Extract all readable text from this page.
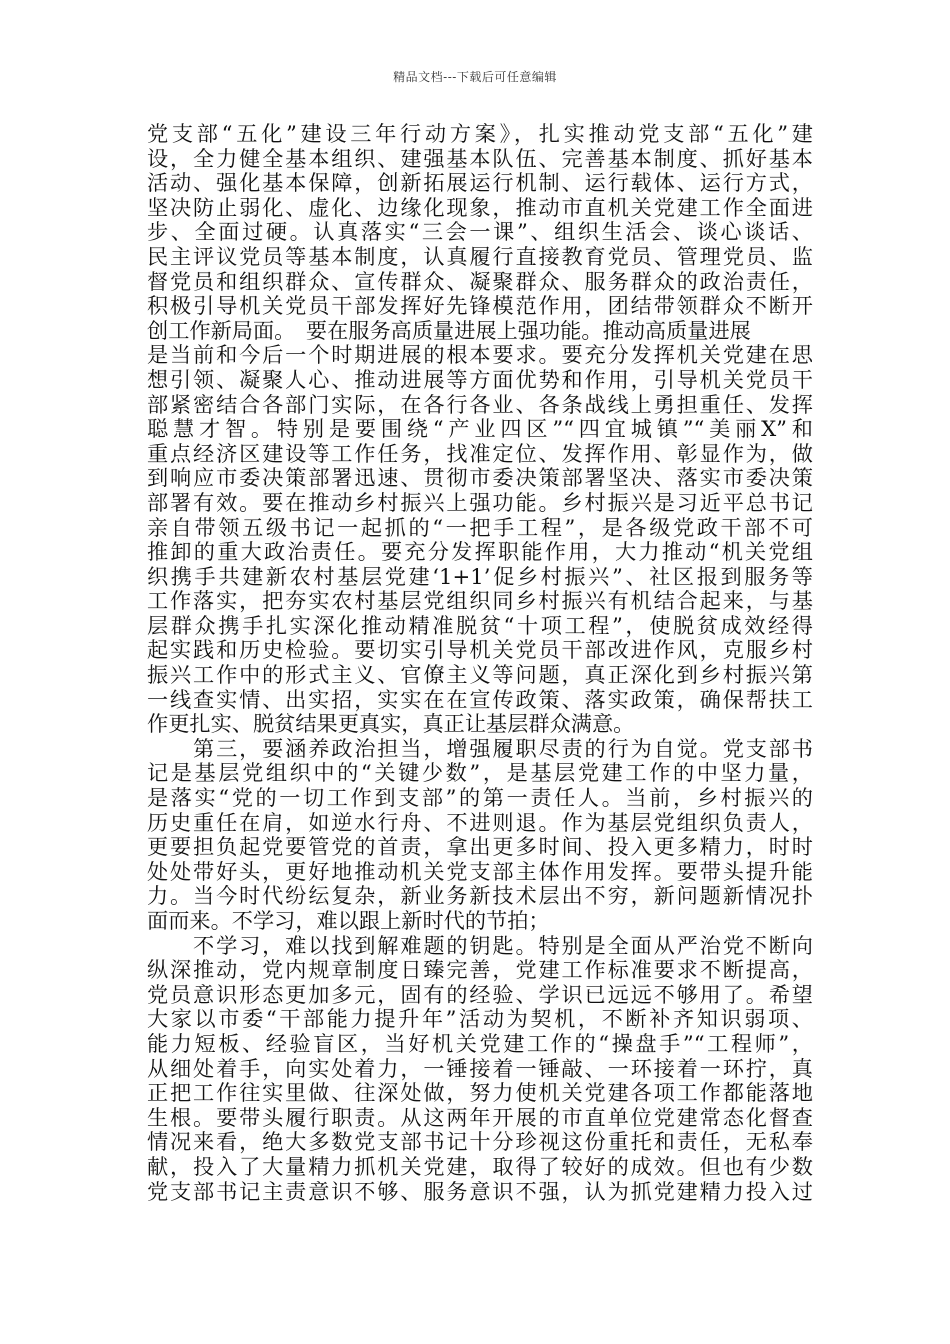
精品文档---下载后可任意编辑
党支部“五化”建设三年行动方案》，扎实推动党支部“五化”建
设，全力健全基本组织、建强基本队伍、完善基本制度、抓好基本
活动、强化基本保障，创新拓展运行机制、运行载体、运行方式，
坚决防止弱化、虚化、边缘化现象，推动市直机关党建工作全面进
步、全面过硬。认真落实“三会一课”、组织生活会、谈心谈话、
民主评议党员等基本制度，认真履行直接教育党员、管理党员、监
督党员和组织群众、宣传群众、凝聚群众、服务群众的政治责任，
积极引导机关党员干部发挥好先锋模范作用，团结带领群众不断开
创工作新局面。　要在服务高质量进展上强功能。推动高质量进展
是当前和今后一个时期进展的根本要求。要充分发挥机关党建在思
想引领、凝聚人心、推动进展等方面优势和作用，引导机关党员干
部紧密结合各部门实际，在各行各业、各条战线上勇担重任、发挥
聪慧才智。特别是要围绕“产业四区”“四宜城镇”“美丽X”和
重点经济区建设等工作任务，找准定位、发挥作用、彰显作为，做
到响应市委决策部署迅速、贯彻市委决策部署坚决、落实市委决策
部署有效。要在推动乡村振兴上强功能。乡村振兴是习近平总书记
亲自带领五级书记一起抓的“一把手工程”，是各级党政干部不可
推卸的重大政治责任。要充分发挥职能作用，大力推动“机关党组
织携手共建新农村基层党建‘1+1’促乡村振兴”、社区报到服务等
工作落实，把夯实农村基层党组织同乡村振兴有机结合起来，与基
层群众携手扎实深化推动精准脱贫“十项工程”，使脱贫成效经得
起实践和历史检验。要切实引导机关党员干部改进作风，克服乡村
振兴工作中的形式主义、官僚主义等问题，真正深化到乡村振兴第
一线查实情、出实招，实实在在宣传政策、落实政策，确保帮扶工
作更扎实、脱贫结果更真实，真正让基层群众满意。
　　第三，要涵养政治担当，增强履职尽责的行为自觉。党支部书
记是基层党组织中的“关键少数”，是基层党建工作的中坚力量，
是落实“党的一切工作到支部”的第一责任人。当前，乡村振兴的
历史重任在肩，如逆水行舟、不进则退。作为基层党组织负责人，
更要担负起党要管党的首责，拿出更多时间、投入更多精力，时时
处处带好头，更好地推动机关党支部主体作用发挥。要带头提升能
力。当今时代纷纭复杂，新业务新技术层出不穷，新问题新情况扑
面而来。不学习，难以跟上新时代的节拍；
　　不学习，难以找到解难题的钥匙。特别是全面从严治党不断向
纵深推动，党内规章制度日臻完善，党建工作标准要求不断提高，
党员意识形态更加多元，固有的经验、学识已远远不够用了。希望
大家以市委“干部能力提升年”活动为契机，不断补齐知识弱项、
能力短板、经验盲区，当好机关党建工作的“操盘手”“工程师”，
从细处着手，向实处着力，一锤接着一锤敲、一环接着一环拧，真
正把工作往实里做、往深处做，努力使机关党建各项工作都能落地
生根。要带头履行职责。从这两年开展的市直单位党建常态化督查
情况来看，绝大多数党支部书记十分珍视这份重托和责任，无私奉
献，投入了大量精力抓机关党建，取得了较好的成效。但也有少数
党支部书记主责意识不够、服务意识不强，认为抓党建精力投入过
